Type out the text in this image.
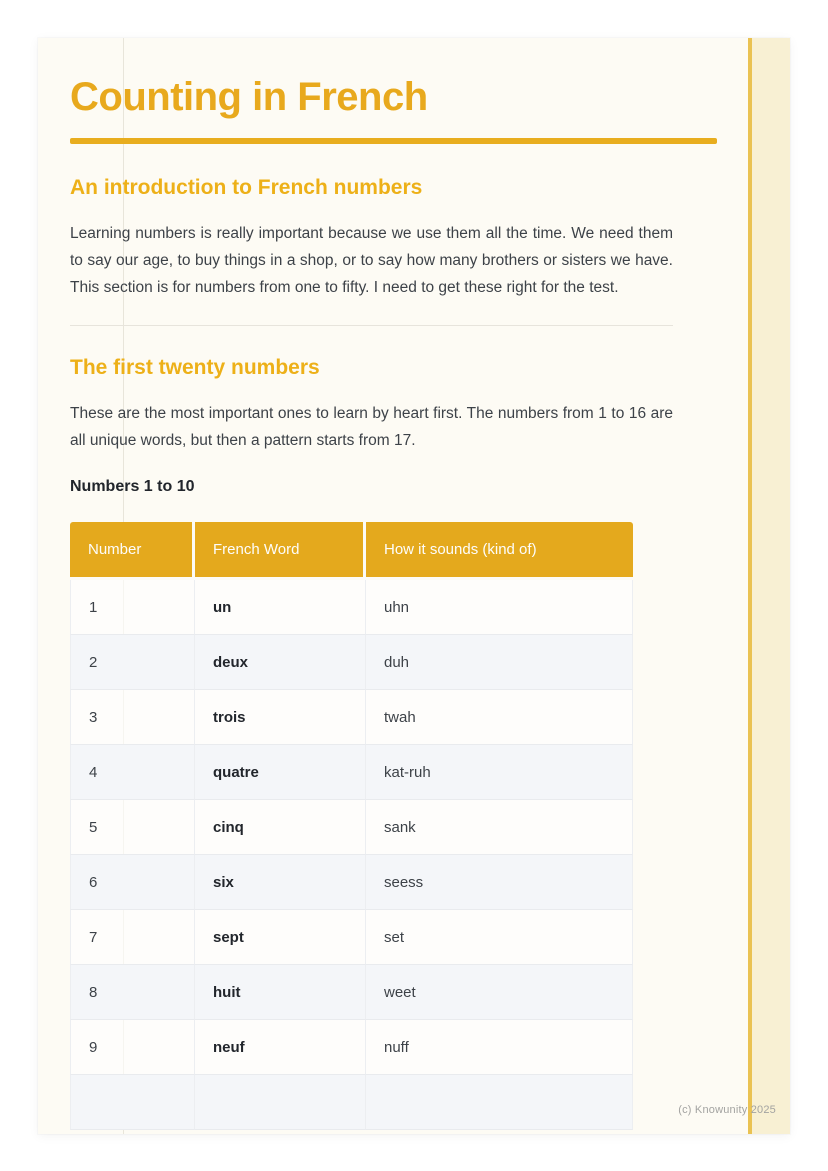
Counting in French
An introduction to French numbers

Learning numbers is really important because we use them all the time. We need them to say our age, to buy things in a shop, or to say how many brothers or sisters we have. This section is for numbers from one to fifty. I need to get these right for the test.

The first twenty numbers

These are the most important ones to learn by heart first. The numbers from 1 to 16 are all unique words, but then a pattern starts from 17.

Numbers 1 to 10
Number	French Word	How it sounds (kind of)
1	un	uhn
2	deux	duh
3	trois	twah
4	quatre	kat-ruh
5	cinq	sank
6	six	seess
7	sept	set
8	huit	weet
9	neuf	nuff

(c) Knowunity 2025
